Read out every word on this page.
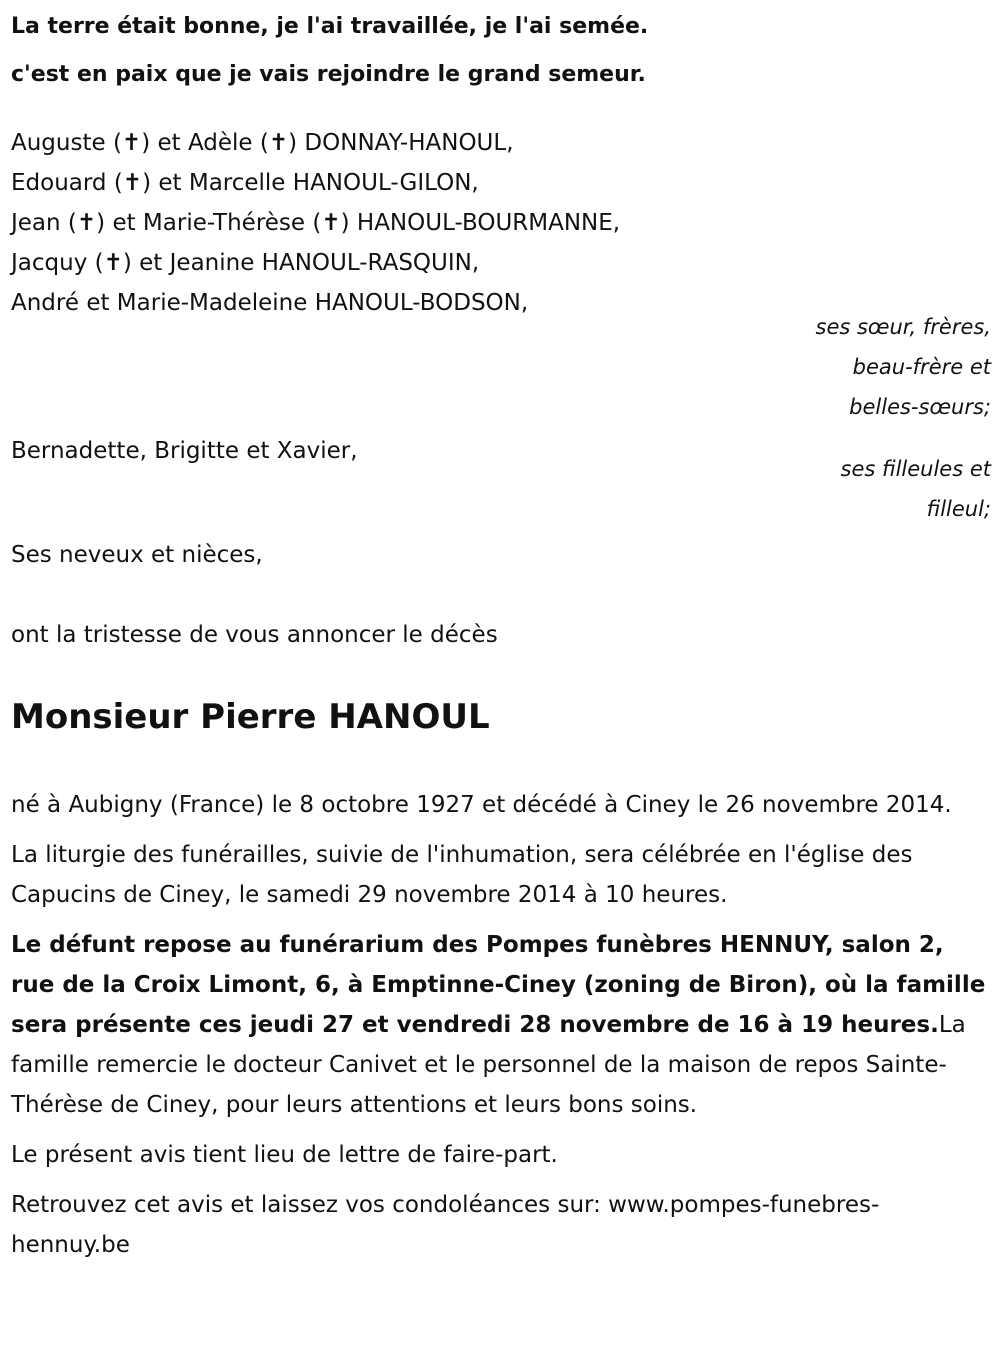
La terre était bonne, je l'ai travaillée, je l'ai semée.

c'est en paix que je vais rejoindre le grand semeur.

Auguste (✝) et Adèle (✝) DONNAY-HANOUL,

Edouard (✝) et Marcelle HANOUL-GILON,

Jean (✝) et Marie-Thérèse (✝) HANOUL-BOURMANNE,

Jacquy (✝) et Jeanine HANOUL-RASQUIN,

André et Marie-Madeleine HANOUL-BODSON,

ses sœur, frères,
beau-frère et
belles-sœurs;
Bernadette, Brigitte et Xavier,
ses filleules et
filleul;

Ses neveux et nièces,

ont la tristesse de vous annoncer le décès

Monsieur Pierre HANOUL

né à Aubigny (France) le 8 octobre 1927 et décédé à Ciney le 26 novembre 2014.

La liturgie des funérailles, suivie de l'inhumation, sera célébrée en l'église des Capucins de Ciney, le samedi 29 novembre 2014 à 10 heures.

Le défunt repose au funérarium des Pompes funèbres HENNUY, salon 2, rue de la Croix Limont, 6, à Emptinne-Ciney (zoning de Biron), où la famille sera présente ces jeudi 27 et vendredi 28 novembre de 16 à 19 heures.La famille remercie le docteur Canivet et le personnel de la maison de repos Sainte-Thérèse de Ciney, pour leurs attentions et leurs bons soins.

Le présent avis tient lieu de lettre de faire-part.

Retrouvez cet avis et laissez vos condoléances sur: www.pompes-funebres-hennuy.be
